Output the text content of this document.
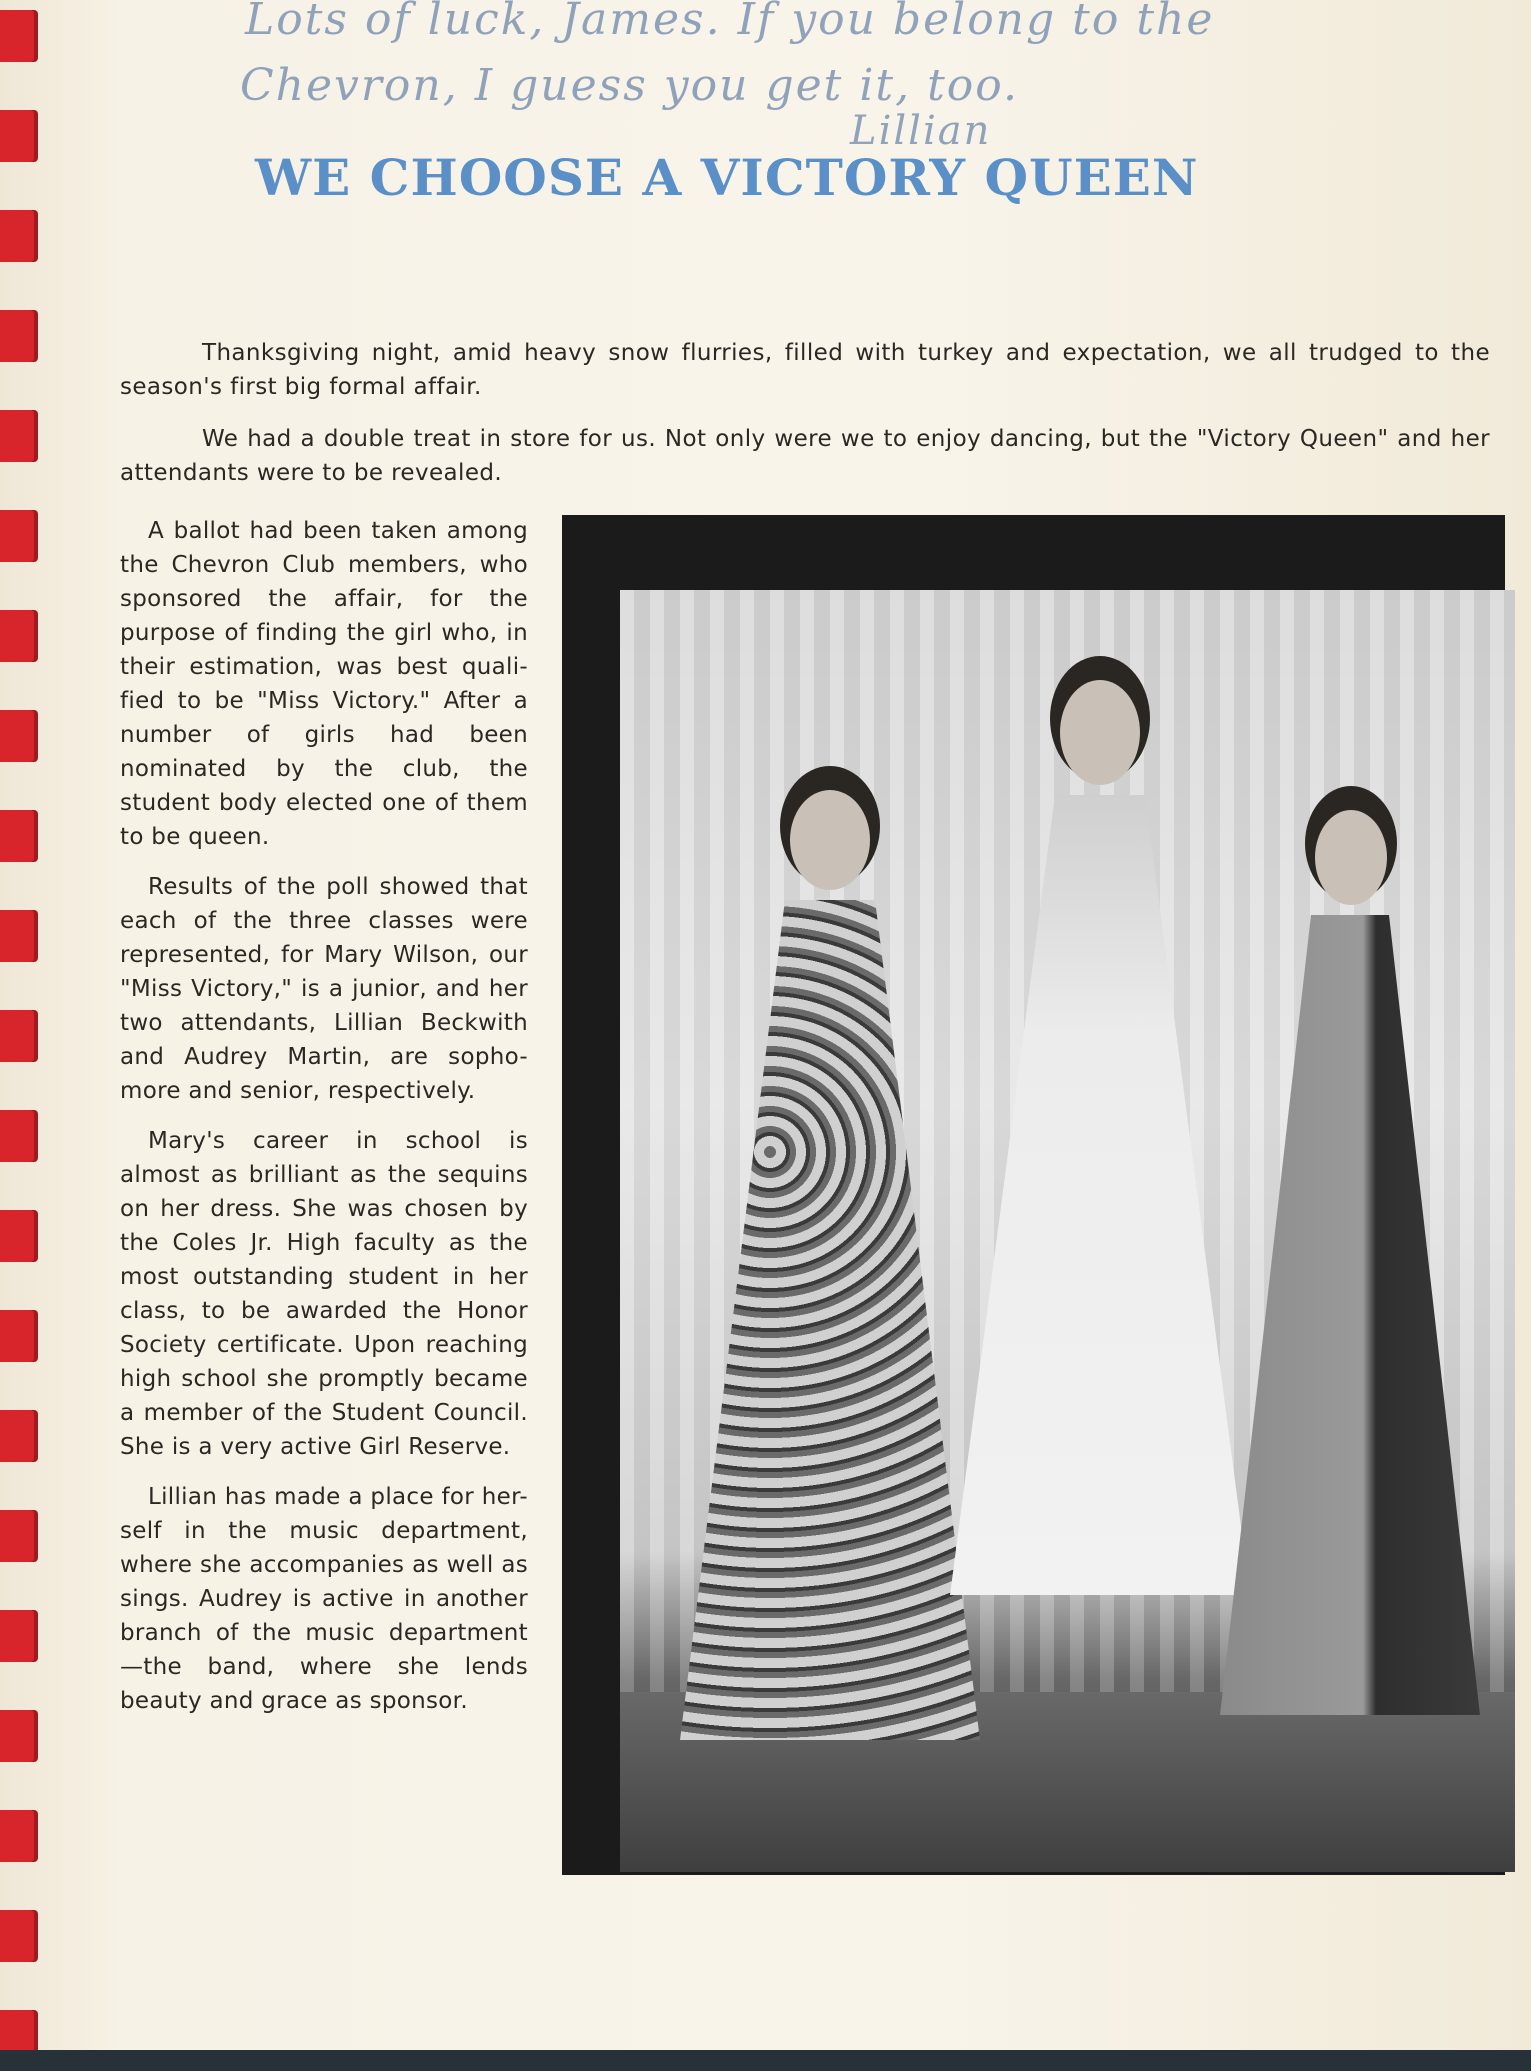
Lots of luck, James. If you belong to the
Chevron, I guess you get it, too.
Lillian
WE CHOOSE A VICTORY QUEEN
Thanksgiving night, amid heavy snow flurries, filled with turkey and expectation, we all trudged to the season's first big formal affair.
We had a double treat in store for us. Not only were we to enjoy dancing, but the "Victory Queen" and her attendants were to be revealed.

A ballot had been taken among the Chevron Club members, who sponsored the affair, for the purpose of finding the girl who, in their estimation, was best quali- fied to be "Miss Victory." After a number of girls had been nominated by the club, the student body elected one of them to be queen.

Results of the poll showed that each of the three classes were represented, for Mary Wilson, our "Miss Victory," is a junior, and her two attendants, Lillian Beckwith and Audrey Martin, are sopho- more and senior, respectively.

Mary's career in school is almost as brilliant as the sequins on her dress. She was chosen by the Coles Jr. High faculty as the most outstanding student in her class, to be awarded the Honor Society certificate. Upon reaching high school she promptly became a member of the Student Council. She is a very active Girl Reserve.

Lillian has made a place for her- self in the music department, where she accompanies as well as sings. Audrey is active in another branch of the music department —the band, where she lends beauty and grace as sponsor.
